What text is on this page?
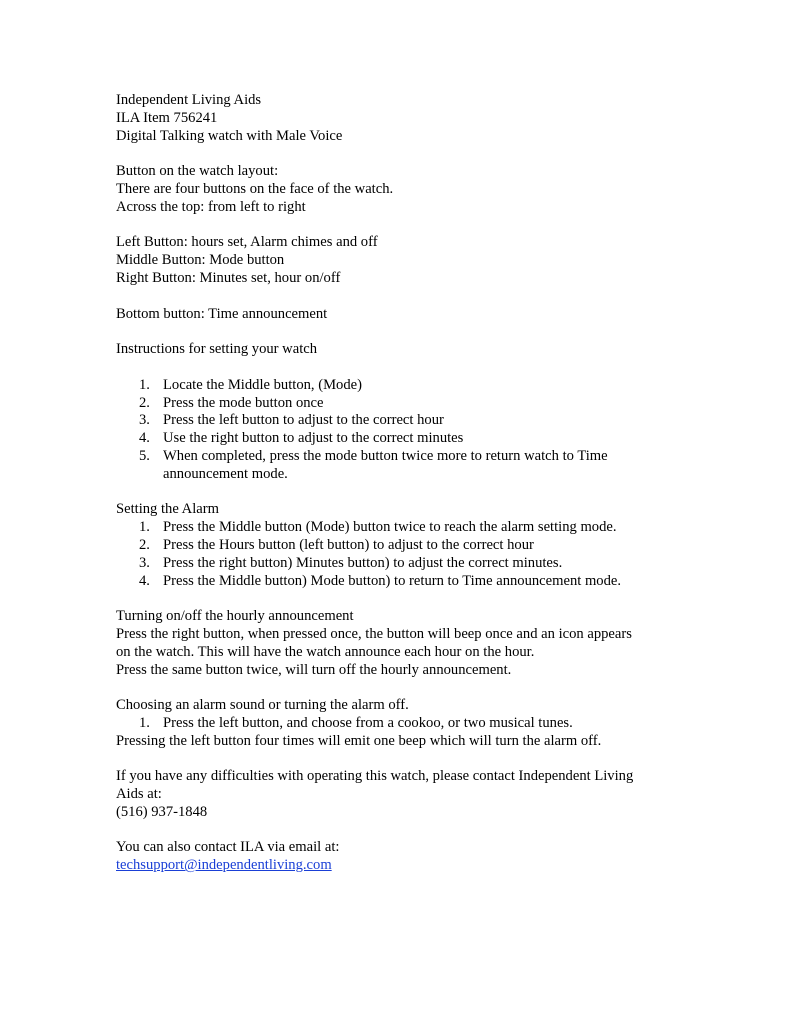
Independent Living Aids

ILA Item 756241

Digital Talking watch with Male Voice

Button on the watch layout:

There are four buttons on the face of the watch.

Across the top: from left to right

Left Button: hours set, Alarm chimes and off

Middle Button: Mode button

Right Button: Minutes set, hour on/off

Bottom button: Time announcement

Instructions for setting your watch

1. Locate the Middle button, (Mode)
2. Press the mode button once
3. Press the left button to adjust to the correct hour
4. Use the right button to adjust to the correct minutes
5. When completed, press the mode button twice more to return watch to Time announcement mode.

Setting the Alarm

1. Press the Middle button (Mode) button twice to reach the alarm setting mode.
2. Press the Hours button (left button) to adjust to the correct hour
3. Press the right button) Minutes button) to adjust the correct minutes.
4. Press the Middle button) Mode button) to return to Time announcement mode.

Turning on/off the hourly announcement

Press the right button, when pressed once, the button will beep once and an icon appears

on the watch. This will have the watch announce each hour on the hour.

Press the same button twice, will turn off the hourly announcement.

Choosing an alarm sound or turning the alarm off.

1. Press the left button, and choose from a cookoo, or two musical tunes.

Pressing the left button four times will emit one beep which will turn the alarm off.

If you have any difficulties with operating this watch, please contact Independent Living

Aids at:

(516) 937-1848

You can also contact ILA via email at:

techsupport@independentliving.com
